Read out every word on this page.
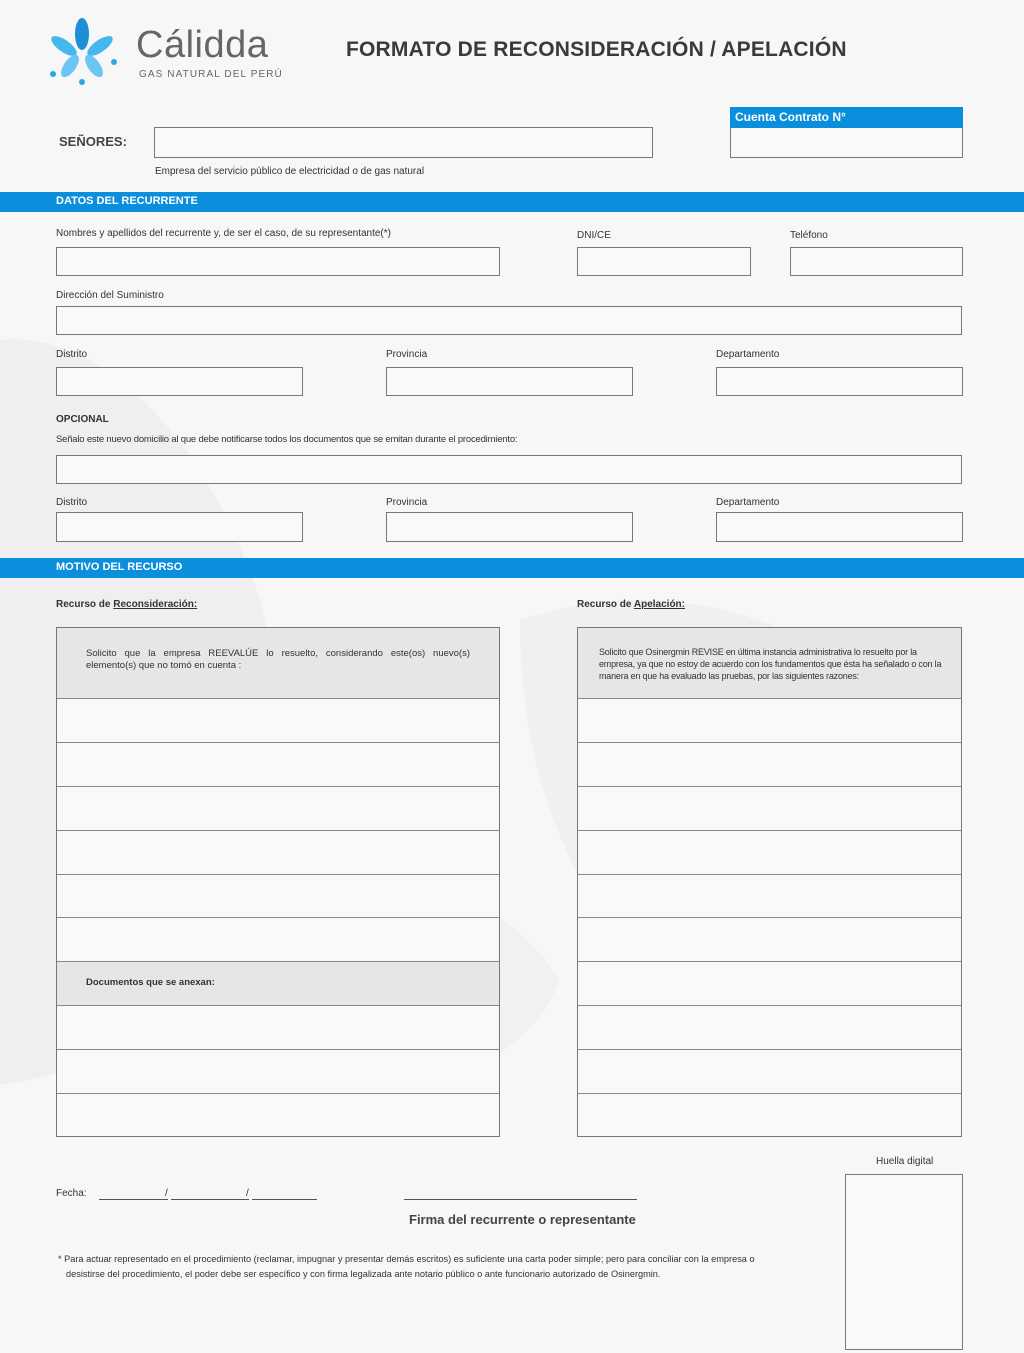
Cálidda
GAS NATURAL DEL PERÚ
FORMATO DE RECONSIDERACIÓN / APELACIÓN
Cuenta Contrato N°
SEÑORES:
Empresa del servicio público de electricidad o de gas natural
DATOS DEL RECURRENTE
Nombres y apellidos del recurrente y, de ser el caso, de su representante(*)	DNI/CE	Teléfono
Dirección del Suministro
Distrito	Provincia	Departamento
OPCIONAL
Señalo este nuevo domicilio al que debe notificarse todos los documentos que se emitan durante el procedimiento:
Distrito	Provincia	Departamento
MOTIVO DEL RECURSO
Recurso de Reconsideración:	Recurso de Apelación:
Solicito que la empresa REEVALÚE lo resuelto, considerando este(os) nuevo(s) elemento(s) que no tomó en cuenta :
Documentos que se anexan:
Solicito que Osinergmin REVISE en última instancia administrativa lo resuelto por la empresa, ya que no estoy de acuerdo con los fundamentos que ésta ha señalado o con la manera en que ha evaluado las pruebas, por las siguientes razones:
Fecha:	/	/
Firma del recurrente o representante
Huella digital
* Para actuar representado en el procedimiento (reclamar, impugnar y presentar demás escritos) es suficiente una carta poder simple; pero para conciliar con la empresa o
desistirse del procedimiento, el poder debe ser específico y con firma legalizada ante notario público o ante funcionario autorizado de Osinergmin.
